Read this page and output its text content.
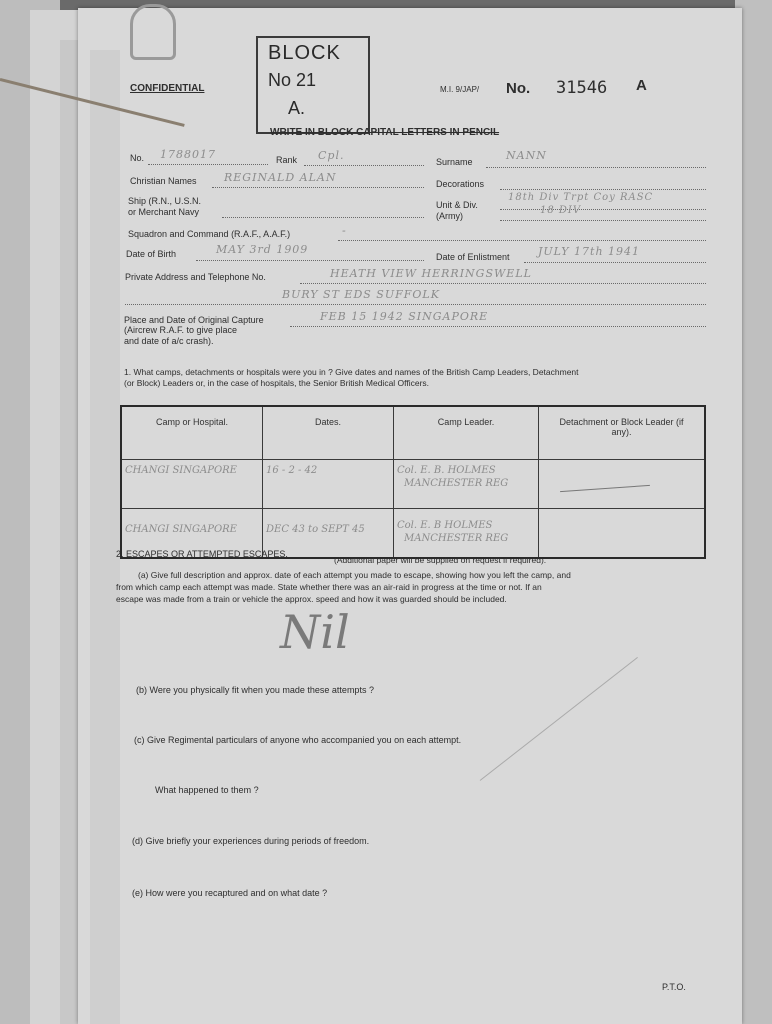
BLOCK
No 21
A.
CONFIDENTIAL	M.I. 9/JAP/ No. 31546 A
WRITE IN BLOCK CAPITAL LETTERS IN PENCIL
No. 1788017	Rank Cpl.	Surname	NANN
Christian Names REGINALD ALAN	Decorations
Ship (R.N., U.S.N.
or Merchant Navy
Unit & Div.
(Army)
18th Div Trpt Coy RASC
18 DIV
Squadron and Command (R.A.F., A.A.F.)	-
Date of Birth	MAY 3rd 1909
Date of Enlistment	JULY 17th 1941
Private Address and Telephone No.	HEATH VIEW HERRINGSWELL
BURY ST EDS SUFFOLK
Place and Date of Original Capture
(Aircrew R.A.F. to give place
and date of a/c crash).
FEB 15 1942 SINGAPORE
1. What camps, detachments or hospitals were you in ? Give dates and names of the British Camp Leaders, Detachment
(or Block) Leaders or, in the case of hospitals, the Senior British Medical Officers.
Camp or Hospital.	Dates.	Camp Leader.	Detachment or Block Leader (if any).

CHANGI SINGAPORE	16 - 2 - 42	Col. E. B. HOLMES
MANCHESTER REG	

CHANGI SINGAPORE	DEC 43 to SEPT 45	Col. E. B HOLMES
MANCHESTER REG	

2. ESCAPES OR ATTEMPTED ESCAPES.
(Additional paper will be supplied on request if required).
(a) Give full description and approx. date of each attempt you made to escape, showing how you left the camp, and
from which camp each attempt was made. State whether there was an air-raid in progress at the time or not. If an
escape was made from a train or vehicle the approx. speed and how it was guarded should be included.
Nil
(b) Were you physically fit when you made these attempts ?
(c) Give Regimental particulars of anyone who accompanied you on each attempt.
What happened to them ?
(d) Give briefly your experiences during periods of freedom.
(e) How were you recaptured and on what date ?
P.T.O.
